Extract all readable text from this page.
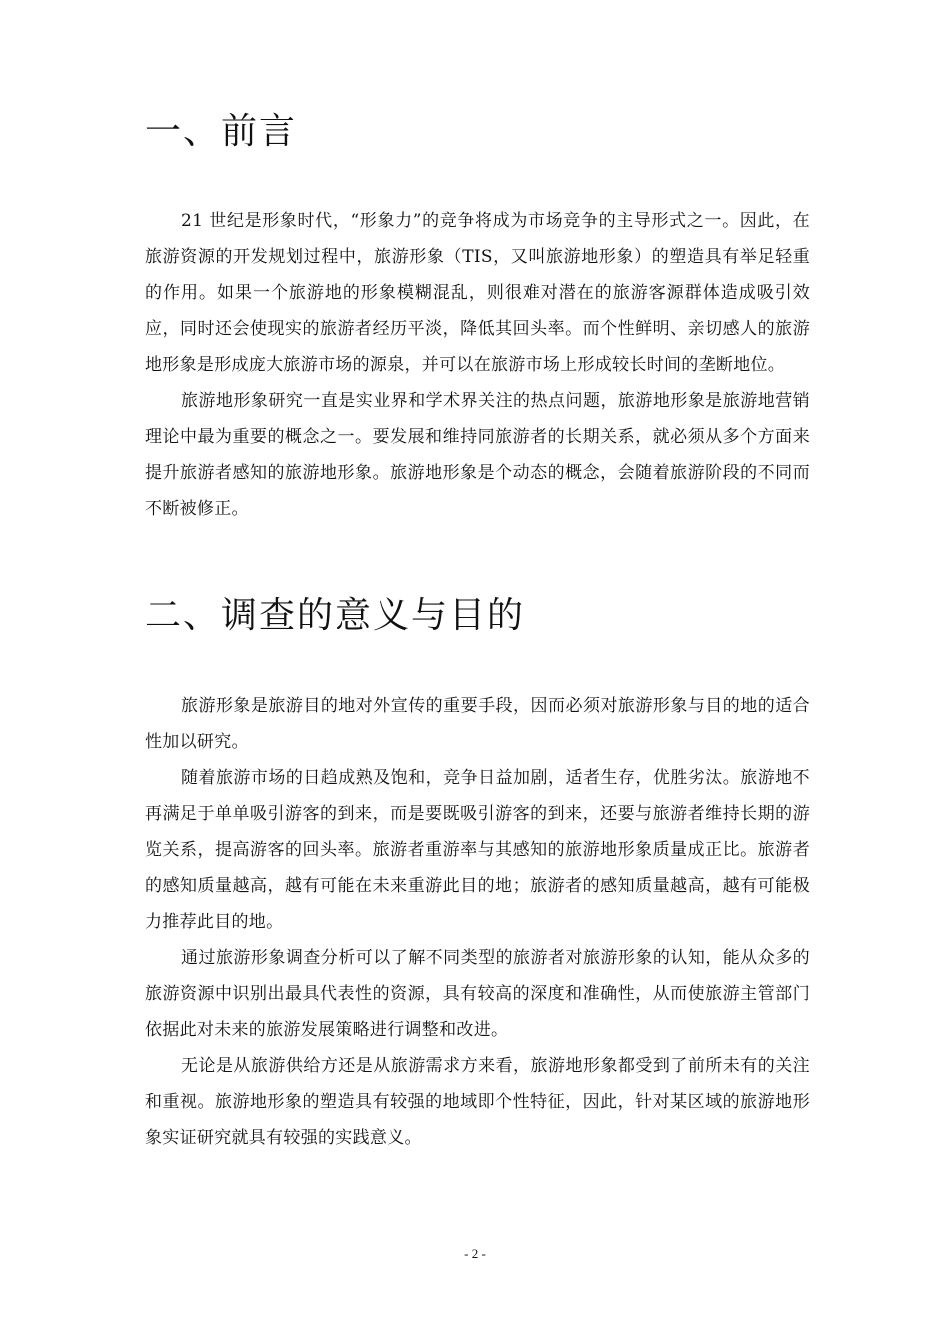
一、前言

21 世纪是形象时代，“形象力”的竞争将成为市场竞争的主导形式之一。因此，在旅游资源的开发规划过程中，旅游形象（TIS，又叫旅游地形象）的塑造具有举足轻重的作用。如果一个旅游地的形象模糊混乱，则很难对潜在的旅游客源群体造成吸引效应，同时还会使现实的旅游者经历平淡，降低其回头率。而个性鲜明、亲切感人的旅游地形象是形成庞大旅游市场的源泉，并可以在旅游市场上形成较长时间的垄断地位。

旅游地形象研究一直是实业界和学术界关注的热点问题，旅游地形象是旅游地营销理论中最为重要的概念之一。要发展和维持同旅游者的长期关系，就必须从多个方面来提升旅游者感知的旅游地形象。旅游地形象是个动态的概念，会随着旅游阶段的不同而不断被修正。

二、调查的意义与目的

旅游形象是旅游目的地对外宣传的重要手段，因而必须对旅游形象与目的地的适合性加以研究。

随着旅游市场的日趋成熟及饱和，竞争日益加剧，适者生存，优胜劣汰。旅游地不再满足于单单吸引游客的到来，而是要既吸引游客的到来，还要与旅游者维持长期的游览关系，提高游客的回头率。旅游者重游率与其感知的旅游地形象质量成正比。旅游者的感知质量越高，越有可能在未来重游此目的地；旅游者的感知质量越高，越有可能极力推荐此目的地。

通过旅游形象调查分析可以了解不同类型的旅游者对旅游形象的认知，能从众多的旅游资源中识别出最具代表性的资源，具有较高的深度和准确性，从而使旅游主管部门依据此对未来的旅游发展策略进行调整和改进。

无论是从旅游供给方还是从旅游需求方来看，旅游地形象都受到了前所未有的关注和重视。旅游地形象的塑造具有较强的地域即个性特征，因此，针对某区域的旅游地形象实证研究就具有较强的实践意义。

- 2 -
